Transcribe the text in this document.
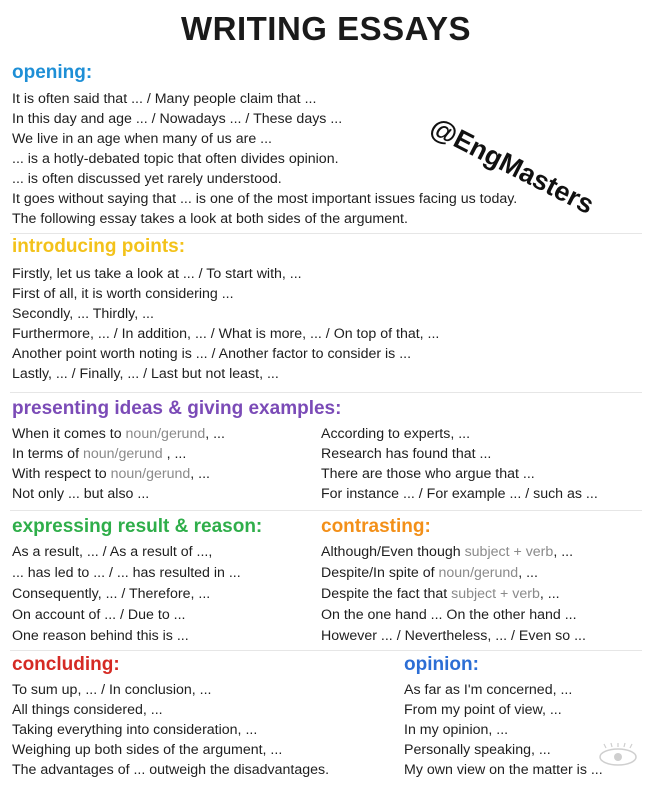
WRITING ESSAYS
@EngMasters
opening:
It is often said that ... / Many people claim that ...
In this day and age ... / Nowadays ... / These days ...
We live in an age when many of us are ...
... is a hotly-debated topic that often divides opinion.
... is often discussed yet rarely understood.
It goes without saying that ... is one of the most important issues facing us today.
The following essay takes a look at both sides of the argument.
introducing points:
Firstly, let us take a look at ... / To start with, ...
First of all, it is worth considering ...
Secondly, ... Thirdly, ...
Furthermore, ... / In addition, ... / What is more, ... / On top of that, ...
Another point worth noting is ... / Another factor to consider is ...
Lastly, ... / Finally, ... / Last but not least, ...
presenting ideas & giving examples:
When it comes to noun/gerund, ...
In terms of noun/gerund , ...
With respect to noun/gerund, ...
Not only ... but also ...
According to experts, ...
Research has found that ...
There are those who argue that ...
For instance ... / For example ... / such as ...
expressing result & reason:
As a result, ... / As a result of ...,
... has led to ... / ... has resulted in ...
Consequently, ... / Therefore, ...
On account of ... / Due to ...
One reason behind this is ...
contrasting:
Although/Even though subject + verb, ...
Despite/In spite of noun/gerund, ...
Despite the fact that subject + verb, ...
On the one hand ... On the other hand ...
However ... / Nevertheless, ... / Even so ...
concluding:
To sum up, ... / In conclusion, ...
All things considered, ...
Taking everything into consideration, ...
Weighing up both sides of the argument, ...
The advantages of ... outweigh the disadvantages.
opinion:
As far as I'm concerned, ...
From my point of view, ...
In my opinion, ...
Personally speaking, ...
My own view on the matter is ...
